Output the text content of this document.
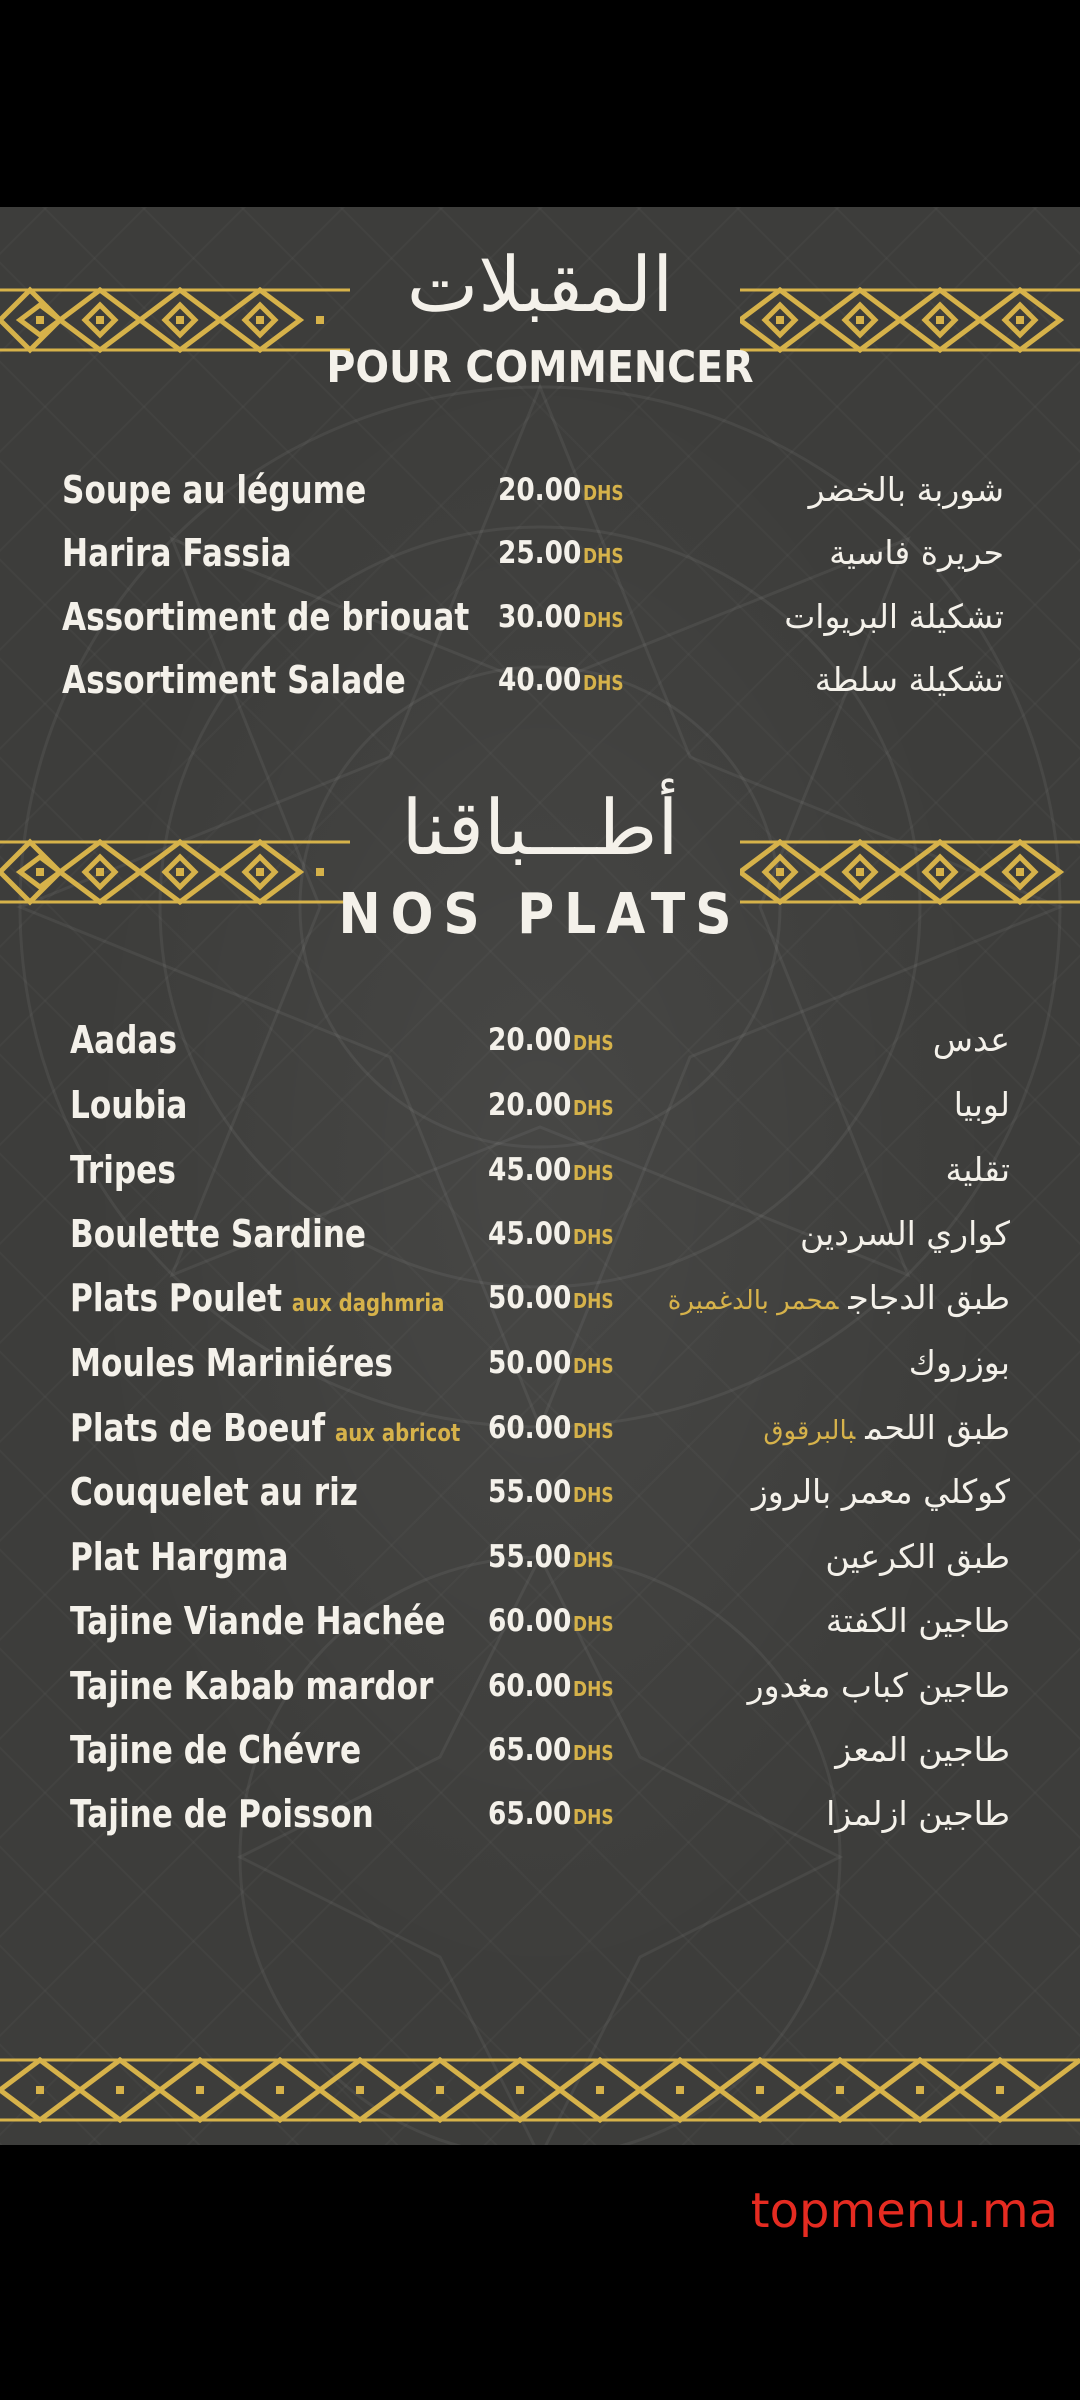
المقبلات
POUR COMMENCER
Soupe au légume	20.00DHS	شوربة بالخضر
Harira Fassia	25.00DHS	حريرة فاسية
Assortiment de briouat 30.00DHS	تشكيلة البريوات
Assortiment Salade	40.00DHS	تشكيلة سلطة
أطـــباقنا
NOS PLATS
Aadas	20.00DHS	عدس
Loubia	20.00DHS	لوبيا
Tripes	45.00DHS	تقلية
Boulette Sardine	45.00DHS	كواري السردين
Plats Poulet aux daghmria 50.00DHS	طبق الدجاجمحمر بالدغميرة
Moules Mariniéres	50.00DHS	بوزروك
Plats de Boeuf aux abricot 60.00DHS	طبق اللحمبالبرقوق
Couquelet au riz	55.00DHS	كوكلي معمر بالروز
Plat Hargma	55.00DHS	طبق الكرعين
Tajine Viande Hachée 60.00DHS	طاجين الكفتة
Tajine Kabab mardor 60.00DHS	طاجين كباب مغدور
Tajine de Chévre	65.00DHS	طاجين المعز
Tajine de Poisson	65.00DHS	طاجين ازلمزا
topmenu.ma
